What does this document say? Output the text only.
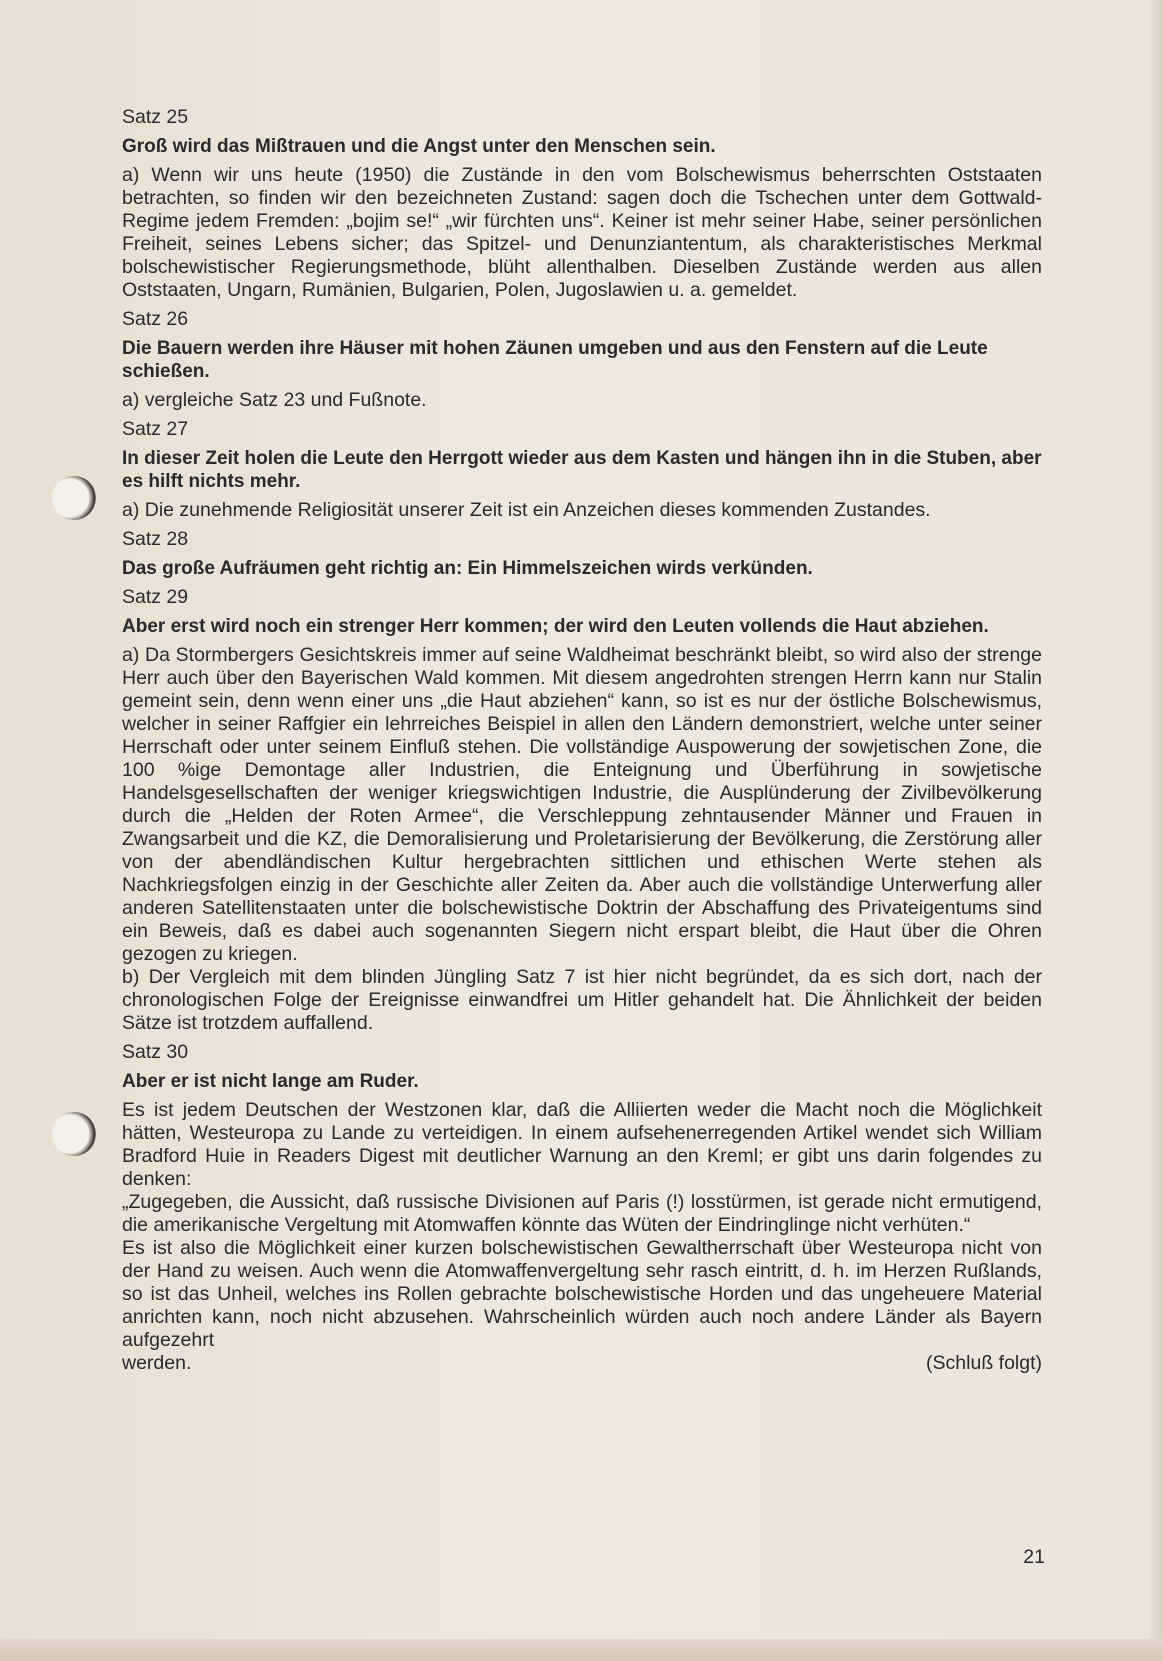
Satz 25

Groß wird das Mißtrauen und die Angst unter den Menschen sein.

a) Wenn wir uns heute (1950) die Zustände in den vom Bolschewismus beherrschten Oststaaten betrachten, so finden wir den bezeichneten Zustand: sagen doch die Tschechen unter dem Gottwald-Regime jedem Fremden: „bojim se!“ „wir fürchten uns“. Keiner ist mehr seiner Habe, seiner persönlichen Freiheit, seines Lebens sicher; das Spitzel- und Denunziantentum, als charakteristisches Merkmal bolschewistischer Regierungsmethode, blüht allenthalben. Dieselben Zustände werden aus allen Oststaaten, Ungarn, Rumänien, Bulgarien, Polen, Jugoslawien u. a. gemeldet.

Satz 26

Die Bauern werden ihre Häuser mit hohen Zäunen umgeben und aus den Fenstern auf die Leute schießen.

a) vergleiche Satz 23 und Fußnote.

Satz 27

In dieser Zeit holen die Leute den Herrgott wieder aus dem Kasten und hängen ihn in die Stuben, aber es hilft nichts mehr.

a) Die zunehmende Religiosität unserer Zeit ist ein Anzeichen dieses kommenden Zustandes.

Satz 28

Das große Aufräumen geht richtig an: Ein Himmelszeichen wirds verkünden.

Satz 29

Aber erst wird noch ein strenger Herr kommen; der wird den Leuten vollends die Haut abziehen.

a) Da Stormbergers Gesichtskreis immer auf seine Waldheimat beschränkt bleibt, so wird also der strenge Herr auch über den Bayerischen Wald kommen. Mit diesem angedrohten strengen Herrn kann nur Stalin gemeint sein, denn wenn einer uns „die Haut abziehen“ kann, so ist es nur der östliche Bolschewismus, welcher in seiner Raffgier ein lehrreiches Beispiel in allen den Ländern demonstriert, welche unter seiner Herrschaft oder unter seinem Einfluß stehen. Die vollständige Auspowerung der sowjetischen Zone, die 100 %ige Demontage aller Industrien, die Enteignung und Überführung in sowjetische Handelsgesellschaften der weniger kriegswichtigen Industrie, die Ausplünderung der Zivilbevölkerung durch die „Helden der Roten Armee“, die Verschleppung zehntausender Männer und Frauen in Zwangsarbeit und die KZ, die Demoralisierung und Proletarisierung der Bevölkerung, die Zerstörung aller von der abendländischen Kultur hergebrachten sittlichen und ethischen Werte stehen als Nachkriegsfolgen einzig in der Geschichte aller Zeiten da. Aber auch die vollständige Unterwerfung aller anderen Satellitenstaaten unter die bolschewistische Doktrin der Abschaffung des Privateigentums sind ein Beweis, daß es dabei auch sogenannten Siegern nicht erspart bleibt, die Haut über die Ohren gezogen zu kriegen.

b) Der Vergleich mit dem blinden Jüngling Satz 7 ist hier nicht begründet, da es sich dort, nach der chronologischen Folge der Ereignisse einwandfrei um Hitler gehandelt hat. Die Ähnlichkeit der beiden Sätze ist trotzdem auffallend.

Satz 30

Aber er ist nicht lange am Ruder.

Es ist jedem Deutschen der Westzonen klar, daß die Alliierten weder die Macht noch die Möglichkeit hätten, Westeuropa zu Lande zu verteidigen. In einem aufsehenerregenden Artikel wendet sich William Bradford Huie in Readers Digest mit deutlicher Warnung an den Kreml; er gibt uns darin folgendes zu denken:

„Zugegeben, die Aussicht, daß russische Divisionen auf Paris (!) losstürmen, ist gerade nicht ermutigend, die amerikanische Vergeltung mit Atomwaffen könnte das Wüten der Eindringlinge nicht verhüten.“

Es ist also die Möglichkeit einer kurzen bolschewistischen Gewaltherrschaft über Westeuropa nicht von der Hand zu weisen. Auch wenn die Atomwaffenvergeltung sehr rasch eintritt, d. h. im Herzen Rußlands, so ist das Unheil, welches ins Rollen gebrachte bolschewistische Horden und das ungeheuere Material anrichten kann, noch nicht abzusehen. Wahrscheinlich würden auch noch andere Länder als Bayern aufgezehrt

werden.	(Schluß folgt)
21
